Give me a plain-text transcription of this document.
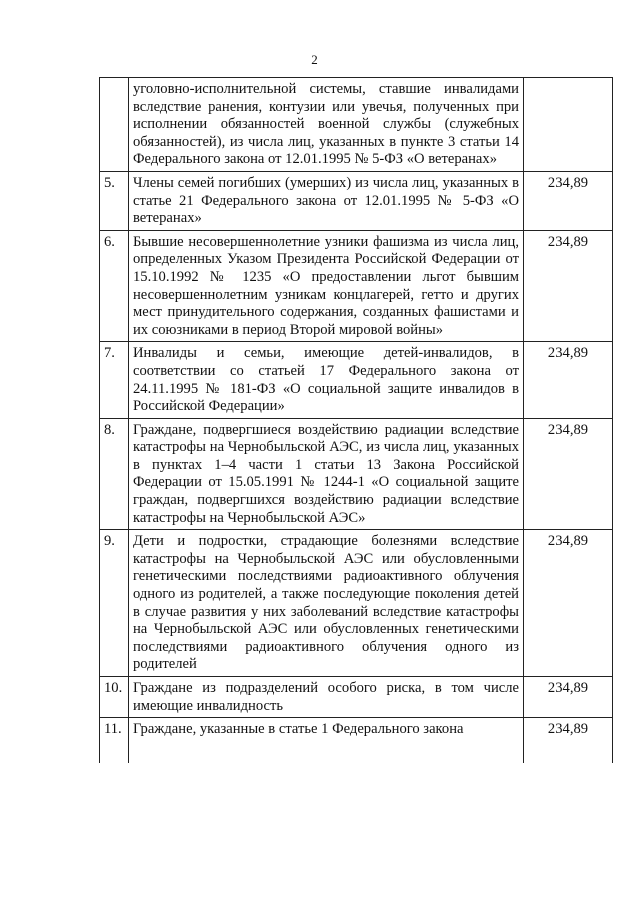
2
	уголовно-исполнительной системы, ставшие инвалидами вследствие ранения, контузии или увечья, полученных при исполнении обязанностей военной службы (служебных обязанностей), из числа лиц, указанных в пункте 3 статьи 14 Федерального закона от 12.01.1995 № 5-ФЗ «О ветеранах»	
5.	Члены семей погибших (умерших) из числа лиц, указанных в статье 21 Федерального закона от 12.01.1995 № 5-ФЗ «О ветеранах»	234,89
6.	Бывшие несовершеннолетние узники фашизма из числа лиц, определенных Указом Президента Российской Федерации от 15.10.1992 № 1235 «О предоставлении льгот бывшим несовершеннолетним узникам концлагерей, гетто и других мест принудительного содержания, созданных фашистами и их союзниками в период Второй мировой войны»	234,89
7.	Инвалиды и семьи, имеющие детей-инвалидов, в соответствии со статьей 17 Федерального закона от 24.11.1995 № 181-ФЗ «О социальной защите инвалидов в Российской Федерации»	234,89
8.	Граждане, подвергшиеся воздействию радиации вследствие катастрофы на Чернобыльской АЭС, из числа лиц, указанных в пунктах 1–4 части 1 статьи 13 Закона Российской Федерации от 15.05.1991 № 1244-1 «О социальной защите граждан, подвергшихся воздействию радиации вследствие катастрофы на Чернобыльской АЭС»	234,89
9.	Дети и подростки, страдающие болезнями вследствие катастрофы на Чернобыльской АЭС или обусловленными генетическими последствиями радиоактивного облучения одного из родителей, а также последующие поколения детей в случае развития у них заболеваний вследствие катастрофы на Чернобыльской АЭС или обусловленных генетическими последствиями радиоактивного облучения одного из родителей	234,89
10.	Граждане из подразделений особого риска, в том числе имеющие инвалидность	234,89
11.	Граждане, указанные в статье 1 Федерального закона	234,89
